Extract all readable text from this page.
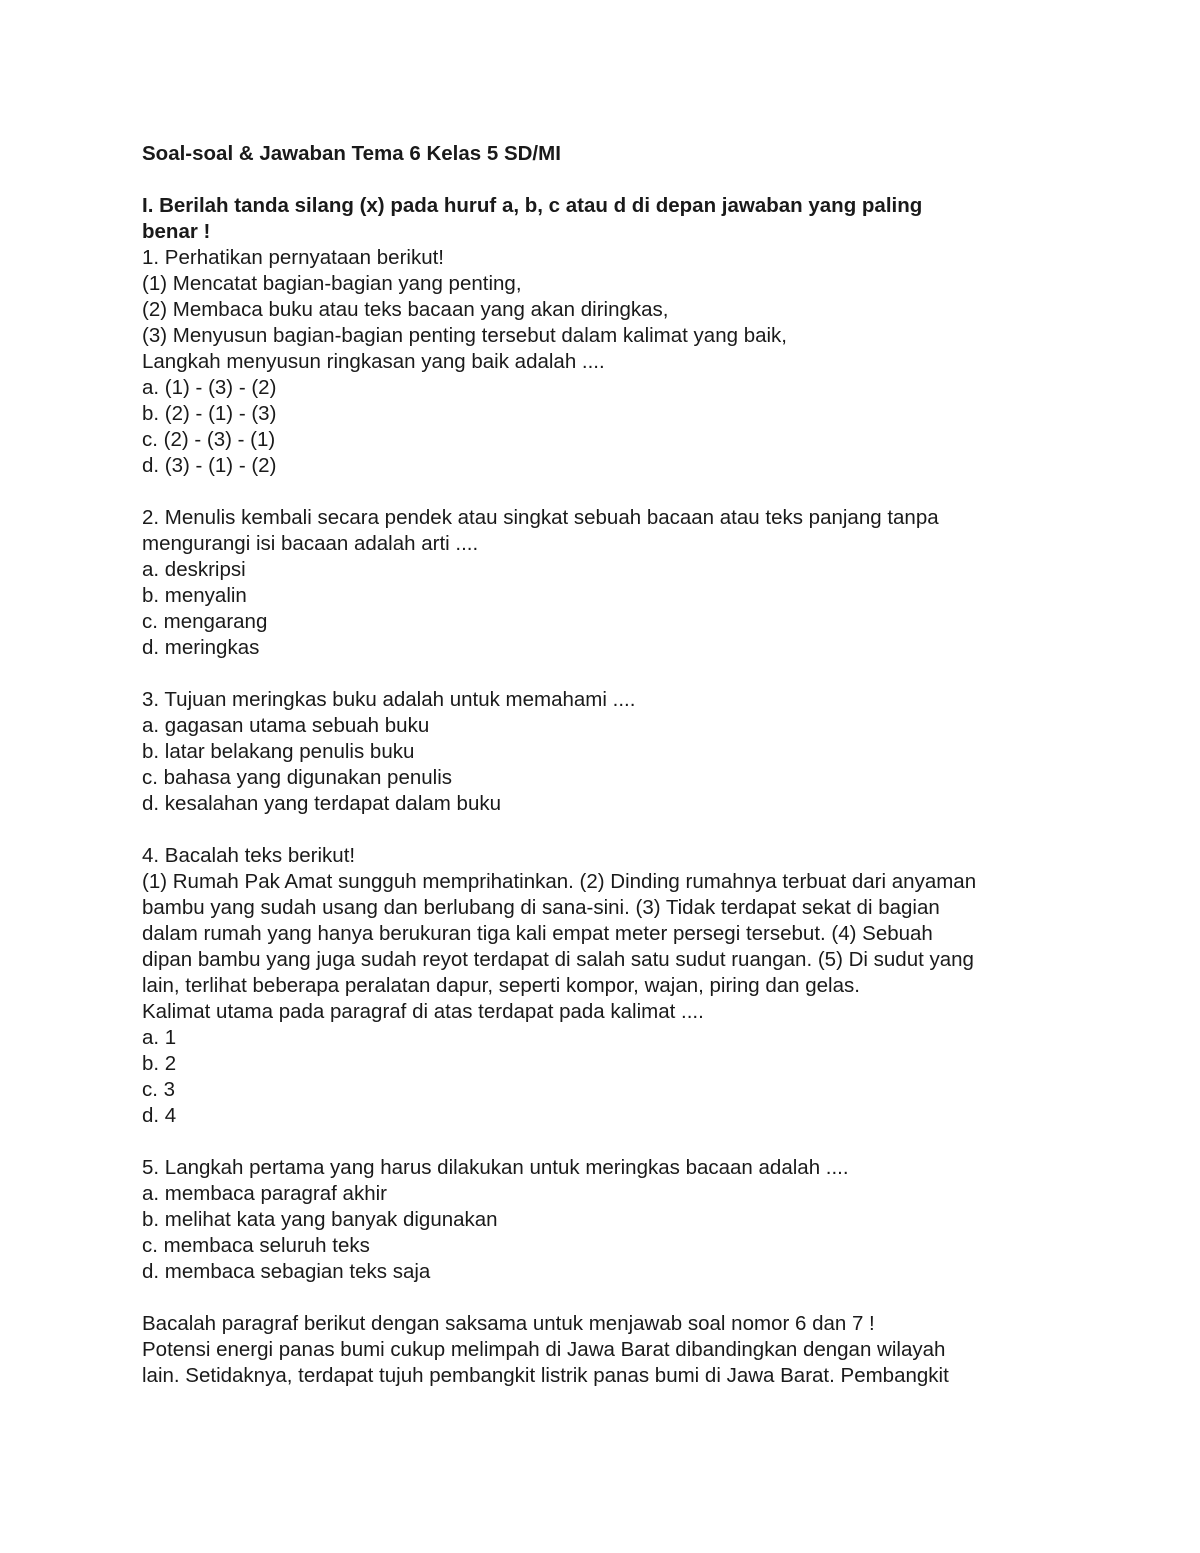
Soal-soal & Jawaban Tema 6 Kelas 5 SD/MI
I. Berilah tanda silang (x) pada huruf a, b, c atau d di depan jawaban yang paling
benar !
1. Perhatikan pernyataan berikut!
(1) Mencatat bagian-bagian yang penting,
(2) Membaca buku atau teks bacaan yang akan diringkas,
(3) Menyusun bagian-bagian penting tersebut dalam kalimat yang baik,
Langkah menyusun ringkasan yang baik adalah ....
a. (1) - (3) - (2)
b. (2) - (1) - (3)
c. (2) - (3) - (1)
d. (3) - (1) - (2)
2. Menulis kembali secara pendek atau singkat sebuah bacaan atau teks panjang tanpa
mengurangi isi bacaan adalah arti ....
a. deskripsi
b. menyalin
c. mengarang
d. meringkas
3. Tujuan meringkas buku adalah untuk memahami ....
a. gagasan utama sebuah buku
b. latar belakang penulis buku
c. bahasa yang digunakan penulis
d. kesalahan yang terdapat dalam buku
4. Bacalah teks berikut!
(1) Rumah Pak Amat sungguh memprihatinkan. (2) Dinding rumahnya terbuat dari anyaman
bambu yang sudah usang dan berlubang di sana-sini. (3) Tidak terdapat sekat di bagian
dalam rumah yang hanya berukuran tiga kali empat meter persegi tersebut. (4) Sebuah
dipan bambu yang juga sudah reyot terdapat di salah satu sudut ruangan. (5) Di sudut yang
lain, terlihat beberapa peralatan dapur, seperti kompor, wajan, piring dan gelas.
Kalimat utama pada paragraf di atas terdapat pada kalimat ....
a. 1
b. 2
c. 3
d. 4
5. Langkah pertama yang harus dilakukan untuk meringkas bacaan adalah ....
a. membaca paragraf akhir
b. melihat kata yang banyak digunakan
c. membaca seluruh teks
d. membaca sebagian teks saja
Bacalah paragraf berikut dengan saksama untuk menjawab soal nomor 6 dan 7 !
Potensi energi panas bumi cukup melimpah di Jawa Barat dibandingkan dengan wilayah
lain. Setidaknya, terdapat tujuh pembangkit listrik panas bumi di Jawa Barat. Pembangkit
